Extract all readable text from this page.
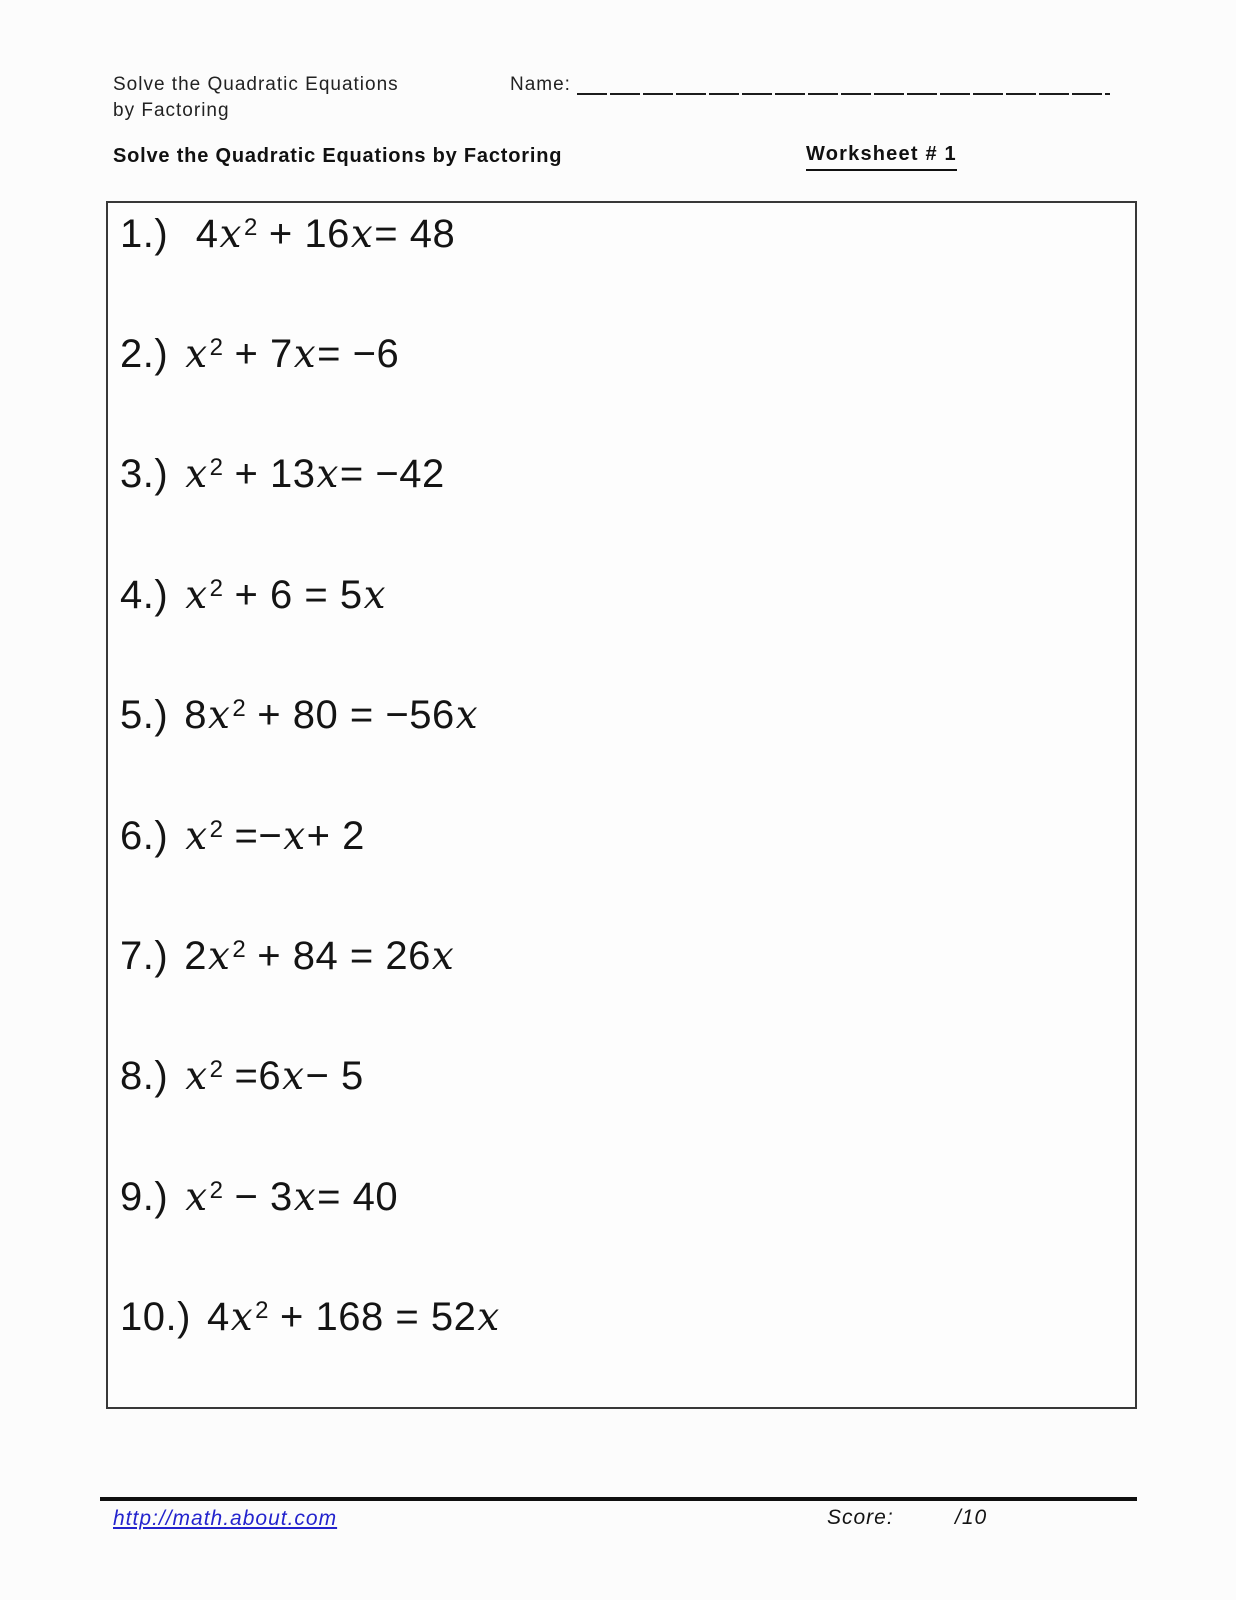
Solve the Quadratic Equations
by Factoring
Name:
Solve the Quadratic Equations by Factoring	Worksheet # 1
1.) $4x^2 + 16x= 48$
2.) $x^2 + 7x= -6$
3.) $x^2 + 13x= -42$
4.) $x^2 + 6 = 5x$
5.) $8x^2 + 80 = -56x$
6.) $x^2 =-x+ 2$
7.) $2x^2 + 84 = 26x$
8.) $x^2 =6x- 5$
9.) $x^2 - 3x= 40$
10.) $4x^2 + 168 = 52x$
http://math.about.com	Score:	/10
